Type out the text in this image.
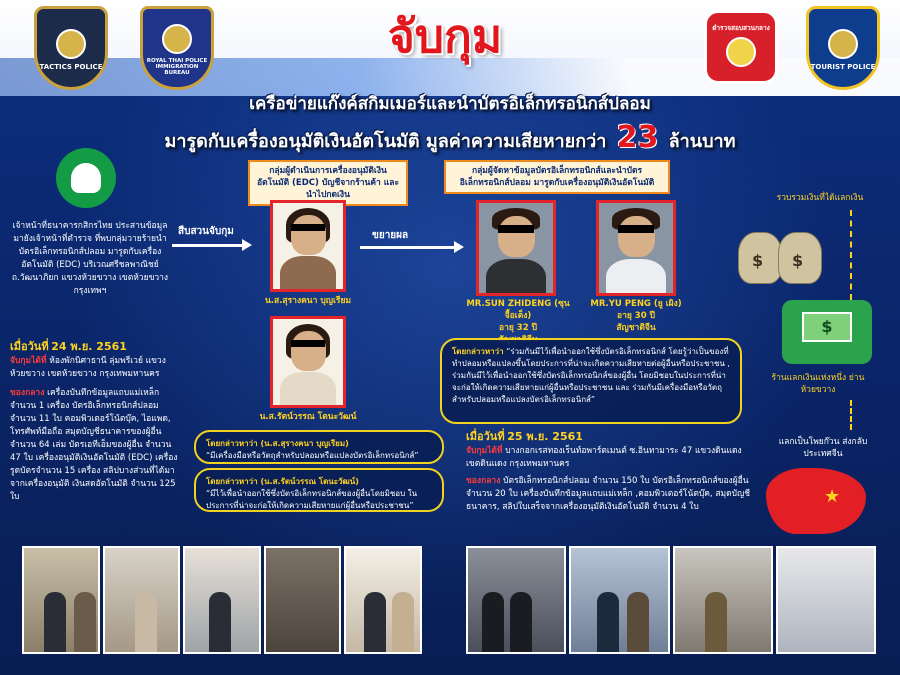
TACTICS POLICE
ROYAL THAI POLICE IMMIGRATION BUREAU
ตำรวจสอบสวนกลาง
TOURIST POLICE
จับกุม
เครือข่ายแก๊งค์สกิมเมอร์และนำบัตรอิเล็กทรอนิกส์ปลอม
มารูดกับเครื่องอนุมัติเงินอัตโนมัติ มูลค่าความเสียหายกว่า 23 ล้านบาท
เจ้าหน้าที่ธนาคารกสิกรไทย ประสานข้อมูลมายังเจ้าหน้าที่ตำรวจ ที่พบกลุ่มวายร้ายนำบัตรอิเล็กทรอนิกส์ปลอม มารูดกับเครื่องอัตโนมัติ (EDC) บริเวณศรีชลพาณิชย์ ถ.วัฒนาภิยก แขวงห้วยขวาง เขตห้วยขวาง กรุงเทพฯ
สืบสวนจับกุม
เมื่อวันที่ 24 พ.ย. 2561
จับกุมได้ที่ ห้องพักนิศาธานี ลุ่มพรีเวย์ แขวงห้วยขวาง เขตห้วยขวาง กรุงเทพมหานคร
ของกลาง เครื่องบันทึกข้อมูลแถบแม่เหล็ก จำนวน 1 เครื่อง บัตรอิเล็กทรอนิกส์ปลอม จำนวน 11 ใบ คอมพิวเตอร์โน้ตบุ๊ค, ไอแพด, โทรศัพท์มือถือ สมุดบัญชีธนาคารของผู้อื่น จำนวน 64 เล่ม บัตรเอทีเอ็มของผู้อื่น จำนวน 47 ใบ เครื่องอนุมัติเงินอัตโนมัติ (EDC) เครื่องรูดบัตรจำนวน 15 เครื่อง สลิปบางส่วนที่ได้มาจากเครื่องอนุมัติ เงินสดอัตโนมัติ จำนวน 125 ใบ
กลุ่มผู้ดำเนินการเครื่องอนุมัติเงินอัตโนมัติ (EDC) บัญชีจากร้านค้า และนำไปกดเงิน
กลุ่มผู้จัดหาข้อมูลบัตรอิเล็กทรอนิกส์และนำบัตรอิเล็กทรอนิกส์ปลอม มารูดกับเครื่องอนุมัติเงินอัตโนมัติ
น.ส.สุรางคนา บุญเรียม
น.ส.รัตน์วรรณ โตนะวัฒน์
ขยายผล
MR.SUN ZHIDENG (ซุน จื้อเต็ง)
อายุ 32 ปี
MR.YU PENG (ยู เผิง)
อายุ 30 ปี
สัญชาติจีน
โดยกล่าวหาว่า (น.ส.สุรางคนา บุญเรียม)
“มีเครื่องมือหรือวัตถุสำหรับปลอมหรือแปลงบัตรอิเล็กทรอนิกส์”
โดยกล่าวหาว่า (น.ส.รัตน์วรรณ โตนะวัฒน์)
“มีไว้เพื่อนำออกใช้ซึ่งบัตรอิเล็กทรอนิกส์ของผู้อื่นโดยมิชอบ ในประการที่น่าจะก่อให้เกิดความเสียหายแก่ผู้อื่นหรือประชาชน”
โดยกล่าวหาว่า “ร่วมกันมีไว้เพื่อนำออกใช้ซึ่งบัตรอิเล็กทรอนิกส์ โดยรู้ว่าเป็นของที่ทำปลอมหรือแปลงขึ้นโดยประการที่น่าจะเกิดความเสียหายต่อผู้อื่นหรือประชาชน , ร่วมกันมีไว้เพื่อนำออกใช้ซึ่งบัตรอิเล็กทรอนิกส์ของผู้อื่น โดยมิชอบในประการที่น่าจะก่อให้เกิดความเสียหายแก่ผู้อื่นหรือประชาชน และ ร่วมกันมีเครื่องมือหรือวัตถุสำหรับปลอมหรือแปลงบัตรอิเล็กทรอนิกส์”
เมื่อวันที่ 25 พ.ย. 2561
จับกุมได้ที่ บางกอกเรสทองเร็นท์อพาร์ตเมนต์ ซ.อินทามาระ 47 แขวงดินแดง เขตดินแดง กรุงเทพมหานคร
ของกลาง บัตรอิเล็กทรอนิกส์ปลอม จำนวน 150 ใบ บัตรอิเล็กทรอนิกส์ของผู้อื่นจำนวน 20 ใบ เครื่องบันทึกข้อมูลแถบแม่เหล็ก ,คอมพิวเตอร์โน้ตบุ๊ค, สมุดบัญชีธนาคาร, สลิปใบเสร็จจากเครื่องอนุมัติเงินอัตโนมัติ จำนวน 4 ใบ
รวบรวมเงินที่ได้แลกเงิน
$ $
$
ร้านแลกเงินแห่งหนึ่ง ย่านห้วยขวาง
แลกเป็นโพยก๊วน ส่งกลับประเทศจีน
★
